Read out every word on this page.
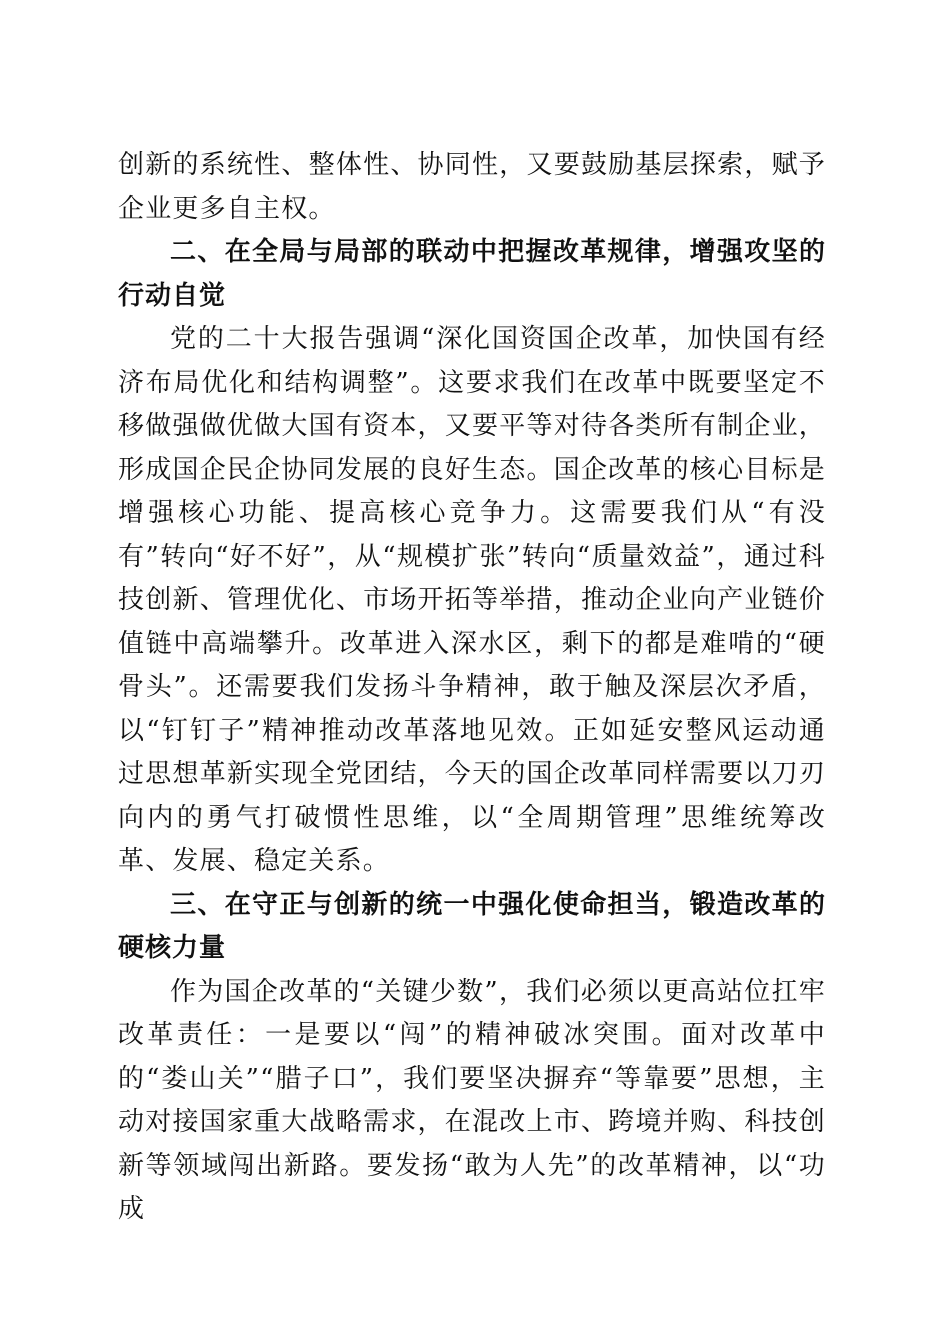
创新的系统性、整体性、协同性，又要鼓励基层探索，赋予企业更多自主权。

二、在全局与局部的联动中把握改革规律，增强攻坚的行动自觉

党的二十大报告强调“深化国资国企改革，加快国有经济布局优化和结构调整”。这要求我们在改革中既要坚定不移做强做优做大国有资本，又要平等对待各类所有制企业，形成国企民企协同发展的良好生态。国企改革的核心目标是增强核心功能、提高核心竞争力。这需要我们从“有没有”转向“好不好”，从“规模扩张”转向“质量效益”，通过科技创新、管理优化、市场开拓等举措，推动企业向产业链价值链中高端攀升。改革进入深水区，剩下的都是难啃的“硬骨头”。还需要我们发扬斗争精神，敢于触及深层次矛盾，以“钉钉子”精神推动改革落地见效。正如延安整风运动通过思想革新实现全党团结，今天的国企改革同样需要以刀刃向内的勇气打破惯性思维，以“全周期管理”思维统筹改革、发展、稳定关系。

三、在守正与创新的统一中强化使命担当，锻造改革的硬核力量

作为国企改革的“关键少数”，我们必须以更高站位扛牢改革责任：一是要以“闯”的精神破冰突围。面对改革中的“娄山关”“腊子口”，我们要坚决摒弃“等靠要”思想，主动对接国家重大战略需求，在混改上市、跨境并购、科技创新等领域闯出新路。要发扬“敢为人先”的改革精神，以“功成
